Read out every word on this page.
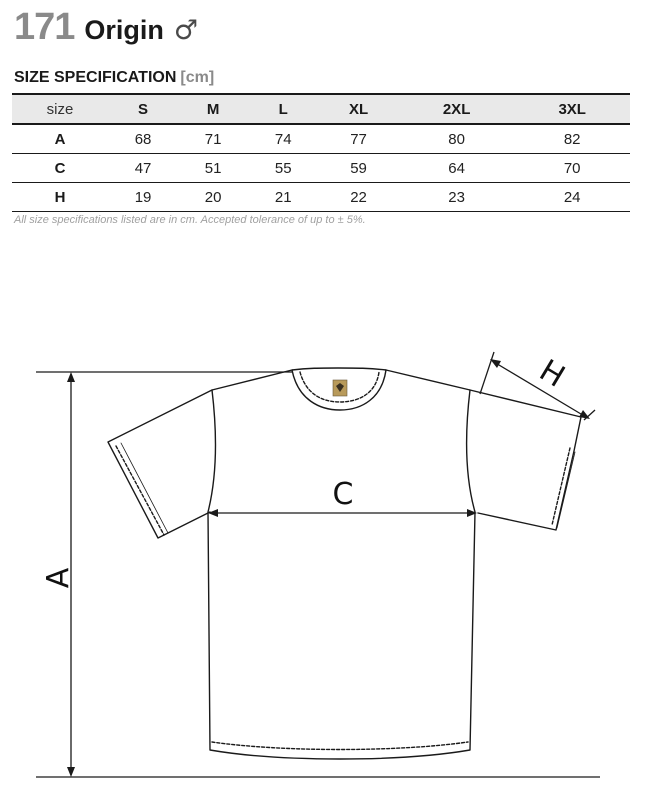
171 Origin ♂
SIZE SPECIFICATION [cm]
size	S	M	L	XL	2XL	3XL
A	68	71	74	77	80	82
C	47	51	55	59	64	70
H	19	20	21	22	23	24
All size specifications listed are in cm. Accepted tolerance of up to ± 5%.
A
C
H
